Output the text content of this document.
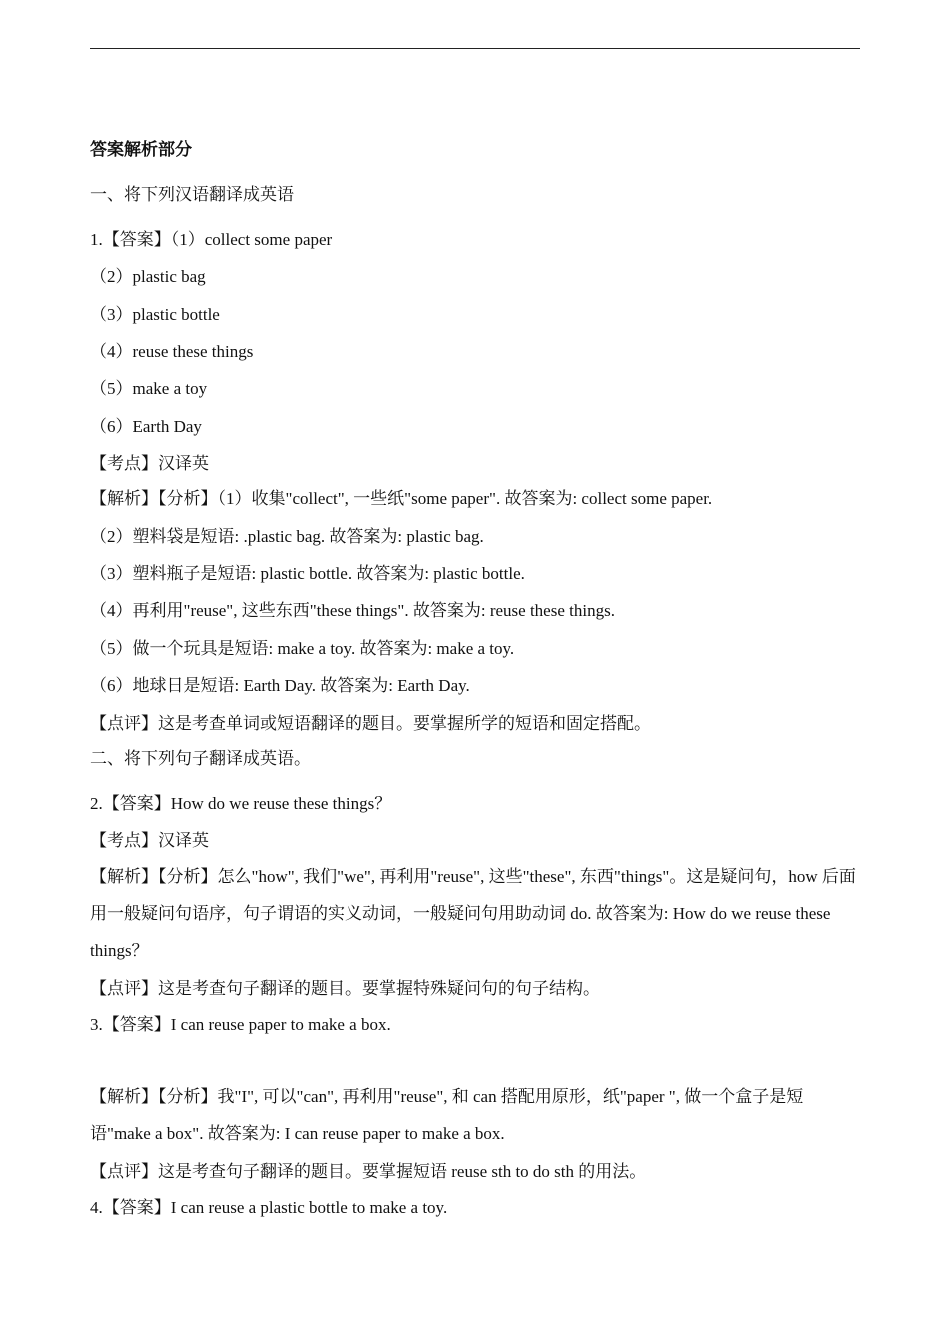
答案解析部分
一、将下列汉语翻译成英语
1.【答案】（1）collect some paper
（2）plastic bag
（3）plastic bottle
（4）reuse these things
（5）make a toy
（6）Earth Day
【考点】汉译英
【解析】【分析】（1）收集"collect", 一些纸"some paper". 故答案为: collect some paper.
（2）塑料袋是短语: .plastic bag. 故答案为: plastic bag.
（3）塑料瓶子是短语: plastic bottle. 故答案为: plastic bottle.
（4）再利用"reuse", 这些东西"these things". 故答案为: reuse these things.
（5）做一个玩具是短语: make a toy. 故答案为: make a toy.
（6）地球日是短语: Earth Day. 故答案为: Earth Day.
【点评】这是考查单词或短语翻译的题目。要掌握所学的短语和固定搭配。
二、将下列句子翻译成英语。
2.【答案】How do we reuse these things？
【考点】汉译英
【解析】【分析】怎么"how", 我们"we", 再利用"reuse", 这些"these", 东西"things"。这是疑问句，how 后面用一般疑问句语序，句子谓语的实义动词，一般疑问句用助动词 do. 故答案为: How do we reuse these things？
【点评】这是考查句子翻译的题目。要掌握特殊疑问句的句子结构。
3.【答案】I can reuse paper to make a box.
【解析】【分析】我"I", 可以"can", 再利用"reuse", 和 can 搭配用原形，纸"paper ", 做一个盒子是短语"make a box". 故答案为: I can reuse paper to make a box.
【点评】这是考查句子翻译的题目。要掌握短语 reuse sth to do sth 的用法。
4.【答案】I can reuse a plastic bottle to make a toy.
